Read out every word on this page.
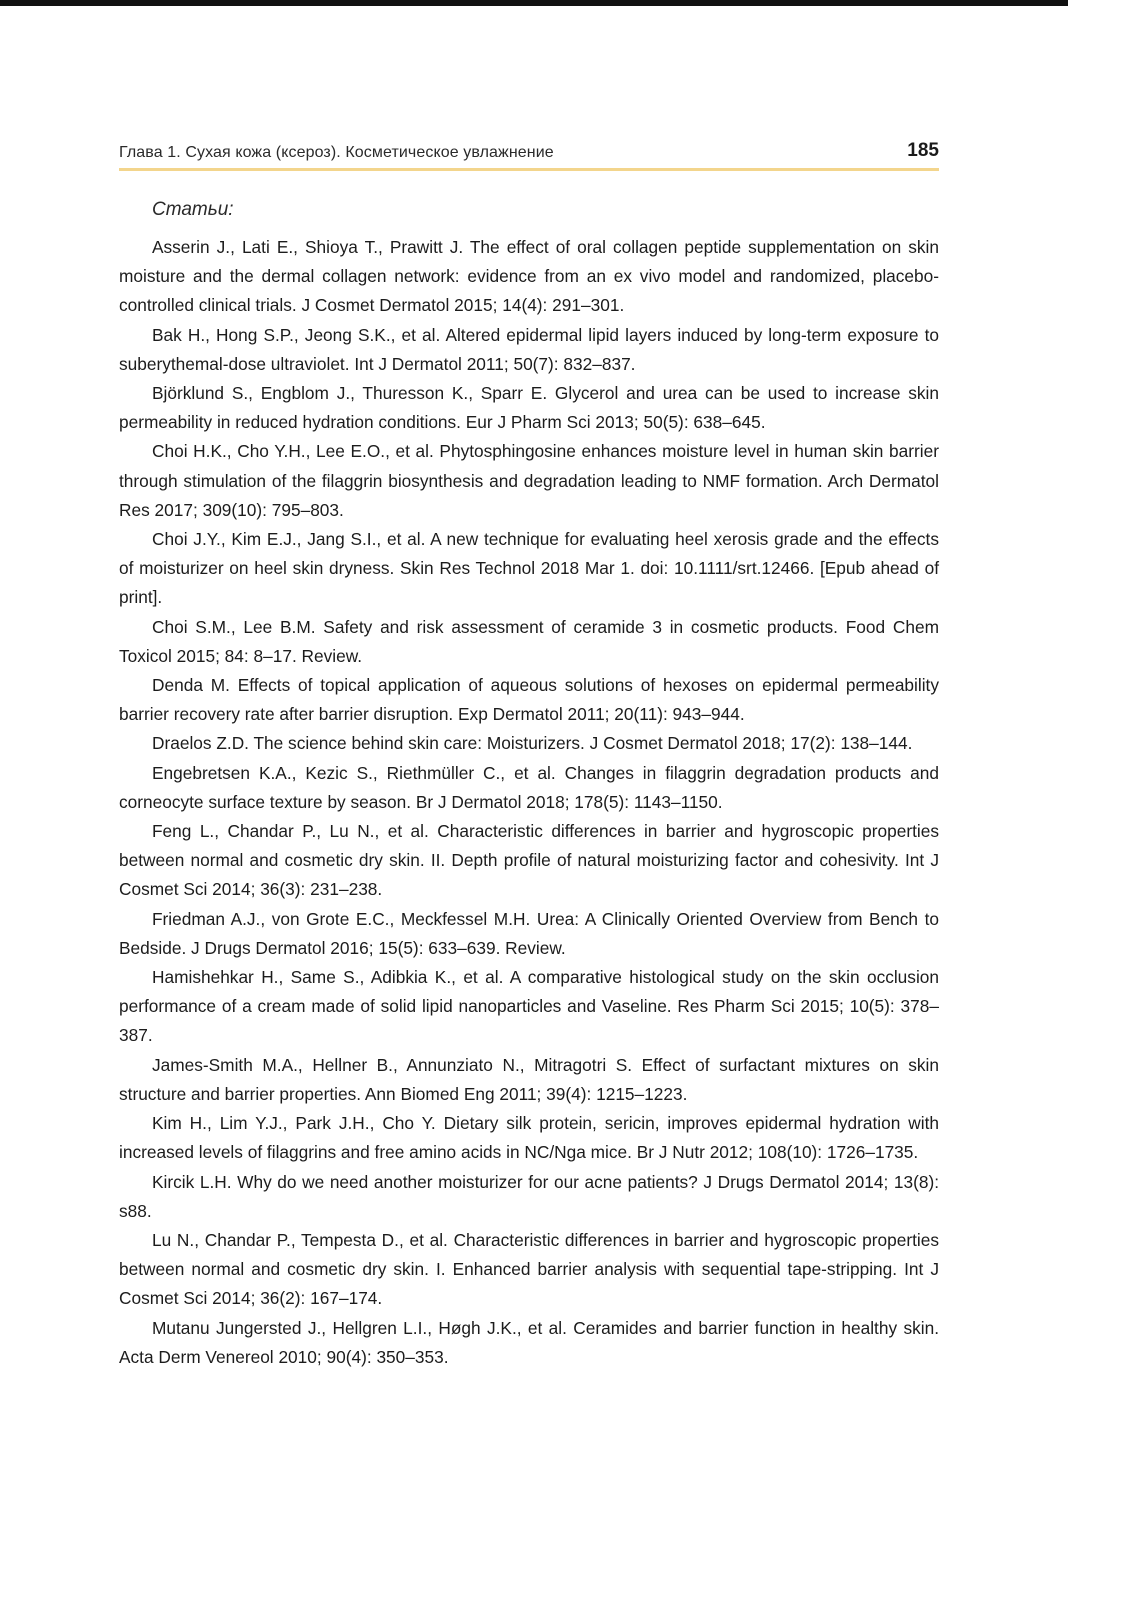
Глава 1. Сухая кожа (ксероз). Косметическое увлажнение	185
Статьи:
Asserin J., Lati E., Shioya T., Prawitt J. The effect of oral collagen peptide supplementation on skin moisture and the dermal collagen network: evidence from an ex vivo model and randomized, placebo-controlled clinical trials. J Cosmet Dermatol 2015; 14(4): 291–301.
Bak H., Hong S.P., Jeong S.K., et al. Altered epidermal lipid layers induced by long-term exposure to suberythemal-dose ultraviolet. Int J Dermatol 2011; 50(7): 832–837.
Björklund S., Engblom J., Thuresson K., Sparr E. Glycerol and urea can be used to increase skin permeability in reduced hydration conditions. Eur J Pharm Sci 2013; 50(5): 638–645.
Choi H.K., Cho Y.H., Lee E.O., et al. Phytosphingosine enhances moisture level in human skin barrier through stimulation of the filaggrin biosynthesis and degradation leading to NMF formation. Arch Dermatol Res 2017; 309(10): 795–803.
Choi J.Y., Kim E.J., Jang S.I., et al. A new technique for evaluating heel xerosis grade and the effects of moisturizer on heel skin dryness. Skin Res Technol 2018 Mar 1. doi: 10.1111/srt.12466. [Epub ahead of print].
Choi S.M., Lee B.M. Safety and risk assessment of ceramide 3 in cosmetic products. Food Chem Toxicol 2015; 84: 8–17. Review.
Denda M. Effects of topical application of aqueous solutions of hexoses on epidermal permeability barrier recovery rate after barrier disruption. Exp Dermatol 2011; 20(11): 943–944.
Draelos Z.D. The science behind skin care: Moisturizers. J Cosmet Dermatol 2018; 17(2): 138–144.
Engebretsen K.A., Kezic S., Riethmüller C., et al. Changes in filaggrin degradation products and corneocyte surface texture by season. Br J Dermatol 2018; 178(5): 1143–1150.
Feng L., Chandar P., Lu N., et al. Characteristic differences in barrier and hygroscopic properties between normal and cosmetic dry skin. II. Depth profile of natural moisturizing factor and cohesivity. Int J Cosmet Sci 2014; 36(3): 231–238.
Friedman A.J., von Grote E.C., Meckfessel M.H. Urea: A Clinically Oriented Overview from Bench to Bedside. J Drugs Dermatol 2016; 15(5): 633–639. Review.
Hamishehkar H., Same S., Adibkia K., et al. A comparative histological study on the skin occlusion performance of a cream made of solid lipid nanoparticles and Vaseline. Res Pharm Sci 2015; 10(5): 378–387.
James-Smith M.A., Hellner B., Annunziato N., Mitragotri S. Effect of surfactant mixtures on skin structure and barrier properties. Ann Biomed Eng 2011; 39(4): 1215–1223.
Kim H., Lim Y.J., Park J.H., Cho Y. Dietary silk protein, sericin, improves epidermal hydration with increased levels of filaggrins and free amino acids in NC/Nga mice. Br J Nutr 2012; 108(10): 1726–1735.
Kircik L.H. Why do we need another moisturizer for our acne patients? J Drugs Dermatol 2014; 13(8): s88.
Lu N., Chandar P., Tempesta D., et al. Characteristic differences in barrier and hygroscopic properties between normal and cosmetic dry skin. I. Enhanced barrier analysis with sequential tape-stripping. Int J Cosmet Sci 2014; 36(2): 167–174.
Mutanu Jungersted J., Hellgren L.I., Høgh J.K., et al. Ceramides and barrier function in healthy skin. Acta Derm Venereol 2010; 90(4): 350–353.
